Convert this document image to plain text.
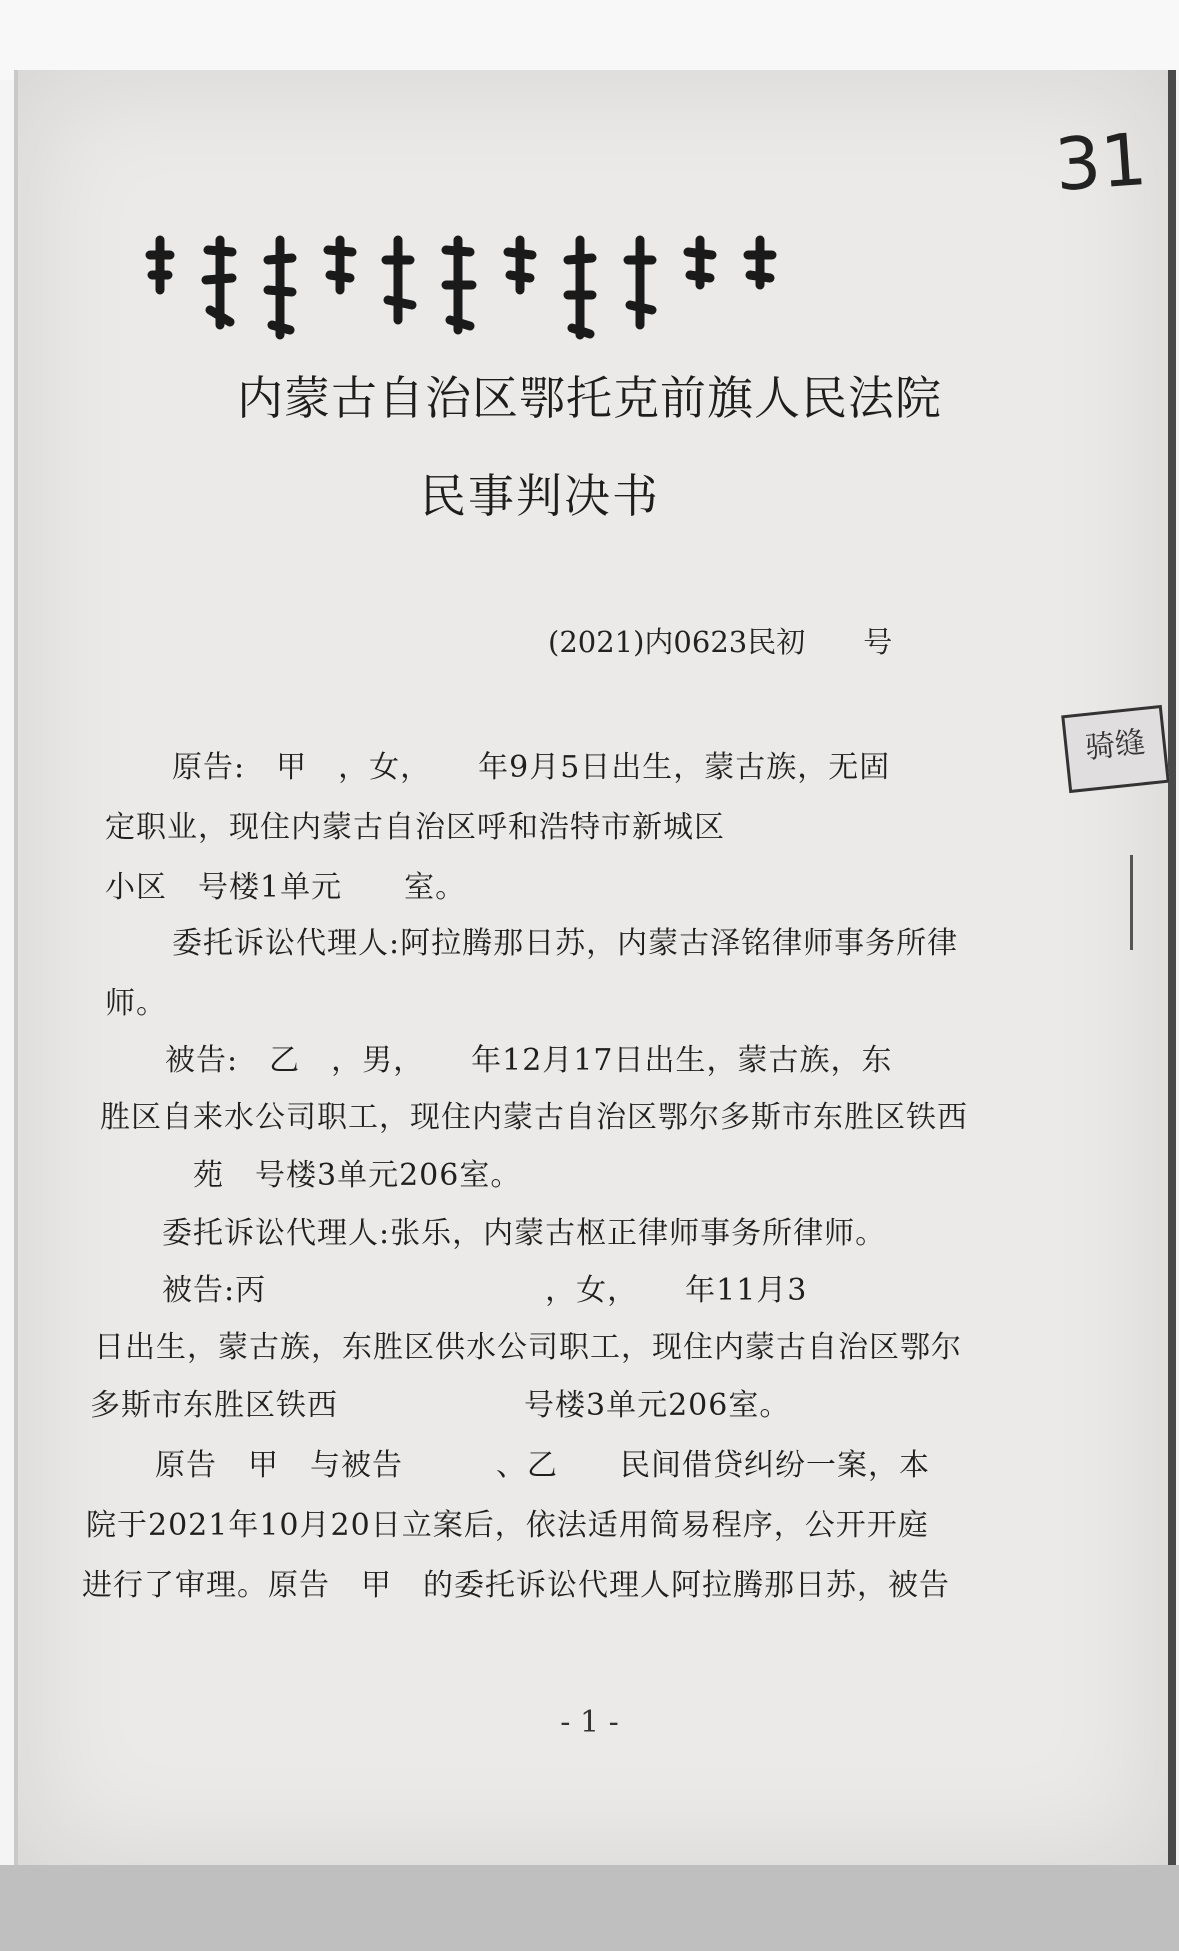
31
内蒙古自治区鄂托克前旗人民法院
民事判决书
(2021)内0623民初　　号
骑缝
原告:　甲　，女，　　年9月5日出生，蒙古族，无固
定职业，现住内蒙古自治区呼和浩特市新城区
小区　号楼1单元　　室。
委托诉讼代理人:阿拉腾那日苏，内蒙古泽铭律师事务所律
师。
被告:　乙　，男，　　年12月17日出生，蒙古族，东
胜区自来水公司职工，现住内蒙古自治区鄂尔多斯市东胜区铁西
　　　苑　号楼3单元206室。
委托诉讼代理人:张乐，内蒙古枢正律师事务所律师。
被告:丙　　　　　　　　　，女，　　年11月3
日出生，蒙古族，东胜区供水公司职工，现住内蒙古自治区鄂尔
多斯市东胜区铁西　　　　　　号楼3单元206室。
原告　甲　与被告　　　、乙　　民间借贷纠纷一案，本
院于2021年10月20日立案后，依法适用简易程序，公开开庭
进行了审理。原告　甲　的委托诉讼代理人阿拉腾那日苏，被告
- 1 -
